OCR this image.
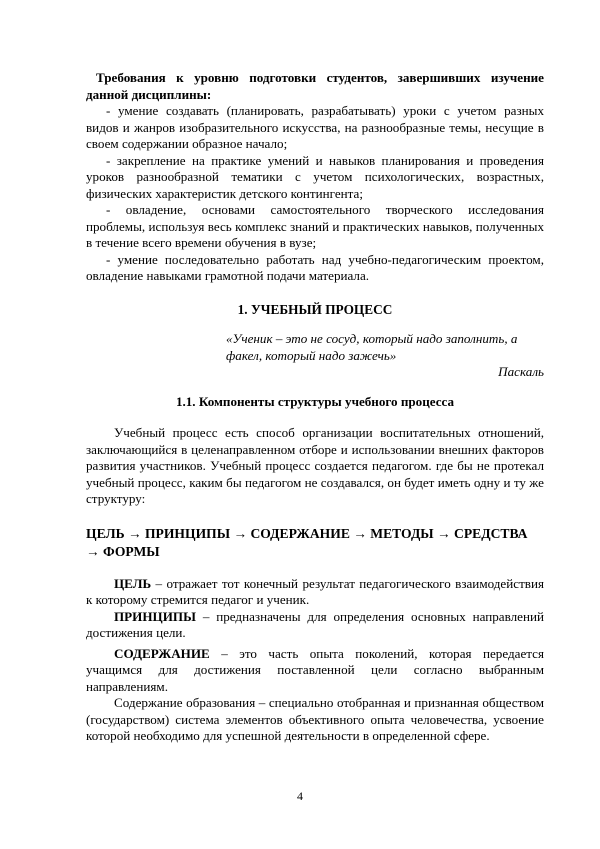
Требования к уровню подготовки студентов, завершивших изучение данной дисциплины:

- умение создавать (планировать, разрабатывать) уроки с учетом разных видов и жанров изобразительного искусства, на разнообразные темы, несущие в своем содержании образное начало;

- закрепление на практике умений и навыков планирования и проведения уроков разнообразной тематики с учетом психологических, возрастных, физических характеристик детского контингента;

- овладение, основами самостоятельного творческого исследования проблемы, используя весь комплекс знаний и практических навыков, полученных в течение всего времени обучения в вузе;

- умение последовательно работать над учебно-педагогическим проектом, овладение навыками грамотной подачи материала.

1. УЧЕБНЫЙ ПРОЦЕСС

«Ученик – это не сосуд, который надо заполнить, а факел, который надо зажечь»

Паскаль

1.1. Компоненты структуры учебного процесса

Учебный процесс есть способ организации воспитательных отношений, заключающийся в целенаправленном отборе и использовании внешних факторов развития участников. Учебный процесс создается педагогом. где бы не протекал учебный процесс, каким бы педагогом не создавался, он будет иметь одну и ту же структуру:

ЦЕЛЬ → ПРИНЦИПЫ → СОДЕРЖАНИЕ → МЕТОДЫ → СРЕДСТВА → ФОРМЫ

ЦЕЛЬ – отражает тот конечный результат педагогического взаимодействия к которому стремится педагог и ученик.

ПРИНЦИПЫ – предназначены для определения основных направлений достижения цели.

СОДЕРЖАНИЕ – это часть опыта поколений, которая передается учащимся для достижения поставленной цели согласно выбранным направлениям.

Содержание образования – специально отобранная и признанная обществом (государством) система элементов объективного опыта человечества, усвоение которой необходимо для успешной деятельности в определенной сфере.

4
